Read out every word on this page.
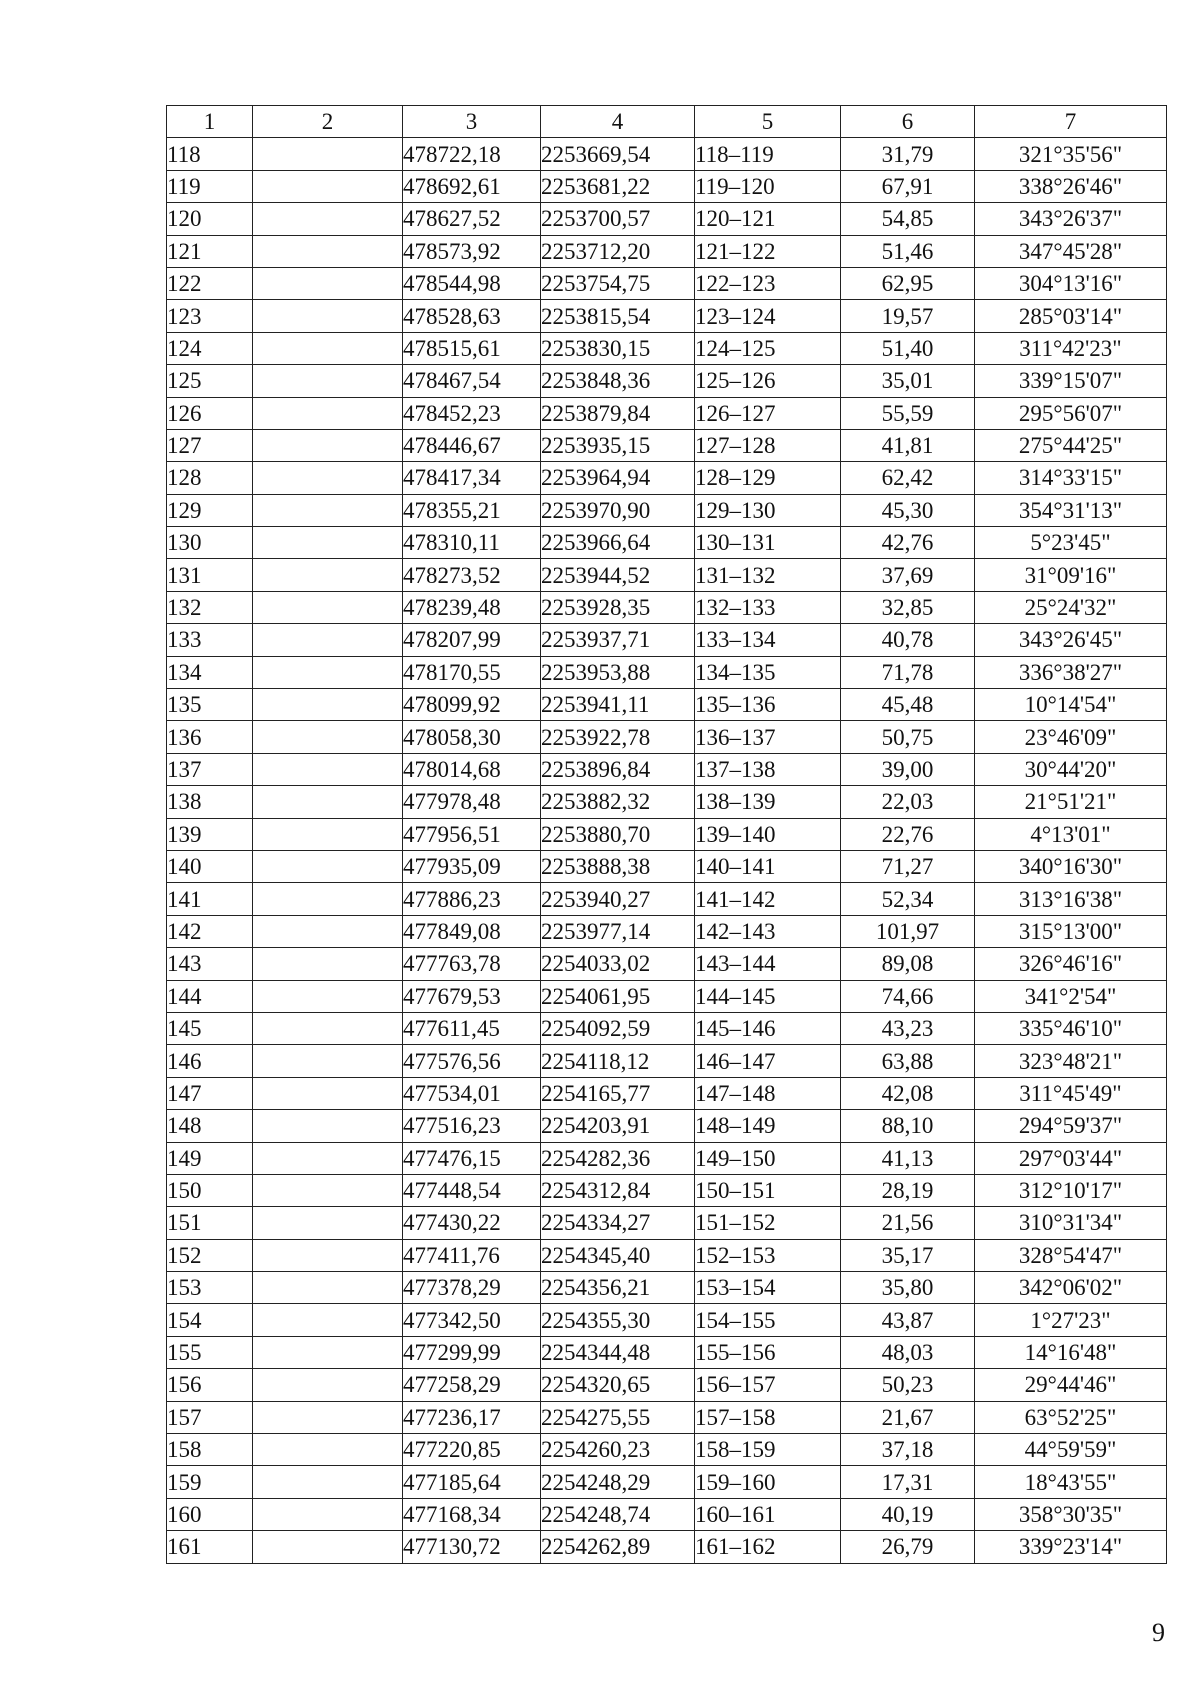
1	2	3	4	5	6	7
118		478722,18	2253669,54	118–119	31,79	321°35'56"
119		478692,61	2253681,22	119–120	67,91	338°26'46"
120		478627,52	2253700,57	120–121	54,85	343°26'37"
121		478573,92	2253712,20	121–122	51,46	347°45'28"
122		478544,98	2253754,75	122–123	62,95	304°13'16"
123		478528,63	2253815,54	123–124	19,57	285°03'14"
124		478515,61	2253830,15	124–125	51,40	311°42'23"
125		478467,54	2253848,36	125–126	35,01	339°15'07"
126		478452,23	2253879,84	126–127	55,59	295°56'07"
127		478446,67	2253935,15	127–128	41,81	275°44'25"
128		478417,34	2253964,94	128–129	62,42	314°33'15"
129		478355,21	2253970,90	129–130	45,30	354°31'13"
130		478310,11	2253966,64	130–131	42,76	5°23'45"
131		478273,52	2253944,52	131–132	37,69	31°09'16"
132		478239,48	2253928,35	132–133	32,85	25°24'32"
133		478207,99	2253937,71	133–134	40,78	343°26'45"
134		478170,55	2253953,88	134–135	71,78	336°38'27"
135		478099,92	2253941,11	135–136	45,48	10°14'54"
136		478058,30	2253922,78	136–137	50,75	23°46'09"
137		478014,68	2253896,84	137–138	39,00	30°44'20"
138		477978,48	2253882,32	138–139	22,03	21°51'21"
139		477956,51	2253880,70	139–140	22,76	4°13'01"
140		477935,09	2253888,38	140–141	71,27	340°16'30"
141		477886,23	2253940,27	141–142	52,34	313°16'38"
142		477849,08	2253977,14	142–143	101,97	315°13'00"
143		477763,78	2254033,02	143–144	89,08	326°46'16"
144		477679,53	2254061,95	144–145	74,66	341°2'54"
145		477611,45	2254092,59	145–146	43,23	335°46'10"
146		477576,56	2254118,12	146–147	63,88	323°48'21"
147		477534,01	2254165,77	147–148	42,08	311°45'49"
148		477516,23	2254203,91	148–149	88,10	294°59'37"
149		477476,15	2254282,36	149–150	41,13	297°03'44"
150		477448,54	2254312,84	150–151	28,19	312°10'17"
151		477430,22	2254334,27	151–152	21,56	310°31'34"
152		477411,76	2254345,40	152–153	35,17	328°54'47"
153		477378,29	2254356,21	153–154	35,80	342°06'02"
154		477342,50	2254355,30	154–155	43,87	1°27'23"
155		477299,99	2254344,48	155–156	48,03	14°16'48"
156		477258,29	2254320,65	156–157	50,23	29°44'46"
157		477236,17	2254275,55	157–158	21,67	63°52'25"
158		477220,85	2254260,23	158–159	37,18	44°59'59"
159		477185,64	2254248,29	159–160	17,31	18°43'55"
160		477168,34	2254248,74	160–161	40,19	358°30'35"
161		477130,72	2254262,89	161–162	26,79	339°23'14"
9
